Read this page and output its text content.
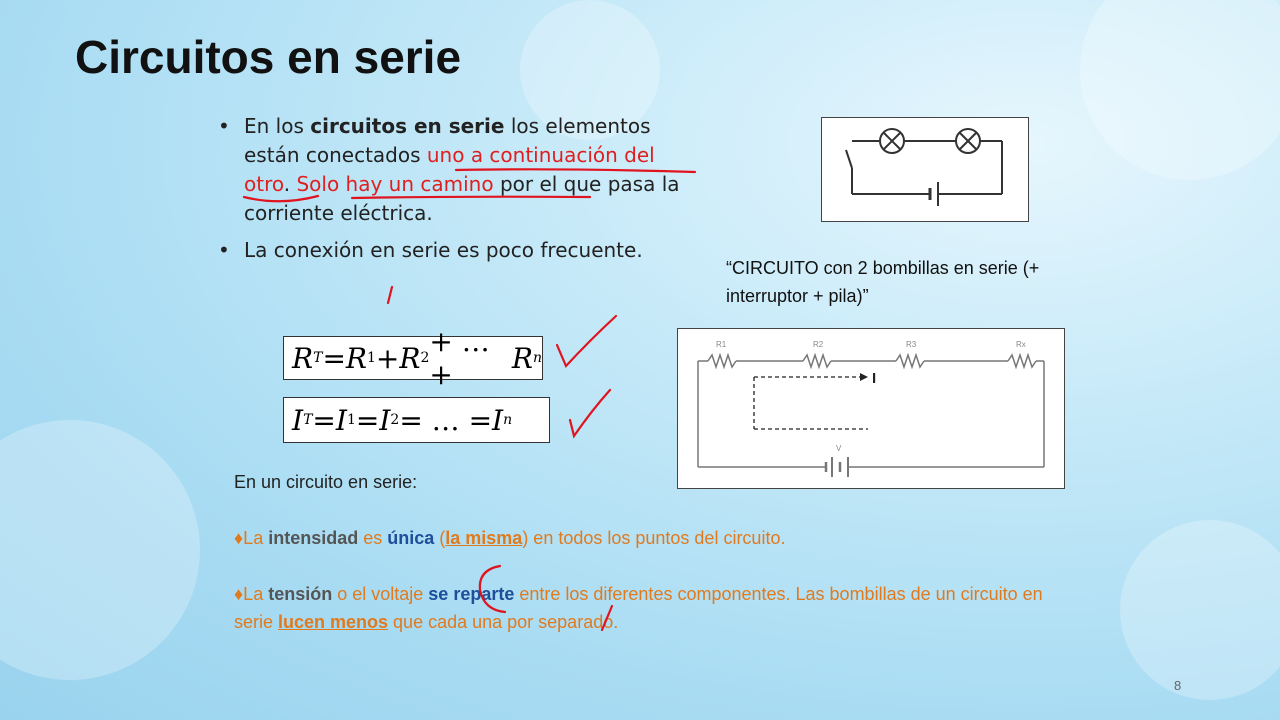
Circuitos en serie
• En los circuitos en serie los elementos están conectados uno a continuación del otro. Solo hay un camino por el que pasa la corriente eléctrica.
• La conexión en serie es poco frecuente.
“CIRCUITO con 2 bombillas en serie (+ interruptor + pila)”
R1	R2	R3	Rx
I
V
R T = R 1 + R 2 + … +	R n
I T = I 1 = I 2 = … = I n
En un circuito en serie:
♦La intensidad es única (la misma) en todos los puntos del circuito.
♦La tensión o el voltaje se reparte entre los diferentes componentes. Las bombillas de un circuito en serie lucen menos que cada una por separado.
8
